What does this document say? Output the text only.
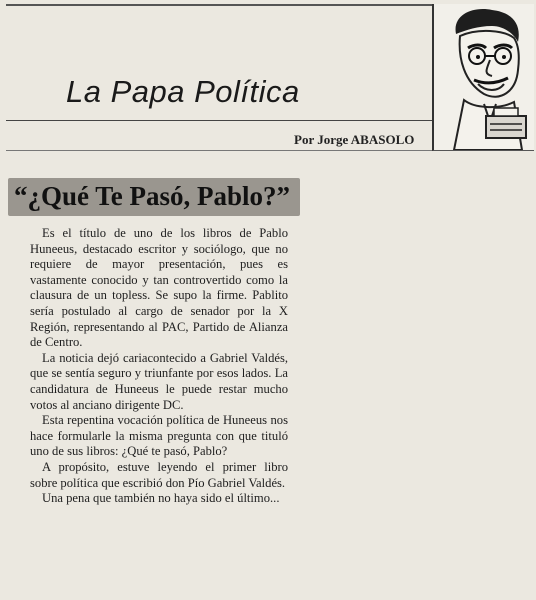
La Papa Política
Por Jorge ABASOLO
“¿Qué Te Pasó, Pablo?”

Es el título de uno de los libros de Pablo Huneeus, destacado escritor y sociólogo, que no requiere de mayor presentación, pues es vastamente conocido y tan controvertido como la clausura de un topless. Se supo la firme. Pablito sería postulado al cargo de senador por la X Región, representando al PAC, Partido de Alianza de Centro.

La noticia dejó cariacontecido a Gabriel Valdés, que se sentía seguro y triunfante por esos lados. La candidatura de Huneeus le puede restar mucho votos al anciano dirigente DC.

Esta repentina vocación política de Huneeus nos hace formularle la misma pregunta con que tituló uno de sus libros: ¿Qué te pasó, Pablo?

A propósito, estuve leyendo el primer libro sobre política que escribió don Pío Gabriel Valdés.

Una pena que también no haya sido el último...
